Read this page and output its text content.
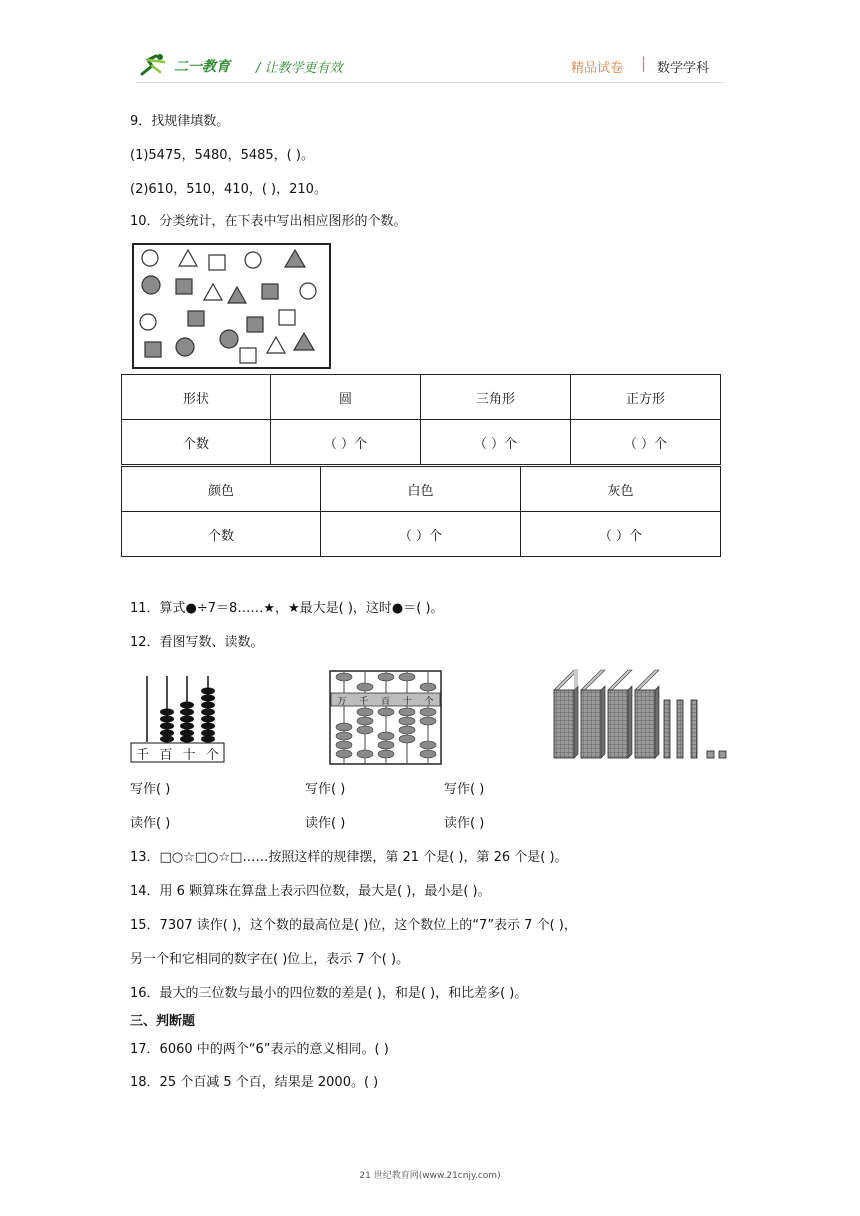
二一教育 / 让教学更有效	精品试卷 | 数学学科
9．找规律填数。
(1)5475，5480，5485，( )。
(2)610，510，410，( )，210。
10．分类统计，在下表中写出相应图形的个数。
形状	圆	三角形	正方形
个数	（ ）个	（ ）个	（ ）个
颜色	白色	灰色
个数	（ ）个	（ ）个
11．算式●÷7＝8……★，★最大是( )，这时●＝( )。
12．看图写数、读数。
千 百 十 个
万 千 百 十 个
写作( )	写作( )	写作( )
读作( )	读作( )	读作( )
13．□○☆□○☆□……按照这样的规律摆，第 21 个是( )，第 26 个是( )。
14．用 6 颗算珠在算盘上表示四位数，最大是( )，最小是( )。
15．7307 读作( )，这个数的最高位是( )位，这个数位上的“7”表示 7 个( )，
另一个和它相同的数字在( )位上，表示 7 个( )。
16．最大的三位数与最小的四位数的差是( )，和是( )，和比差多( )。
三、判断题
17．6060 中的两个“6”表示的意义相同。( )
18．25 个百减 5 个百，结果是 2000。( )
21 世纪教育网(www.21cnjy.com)
